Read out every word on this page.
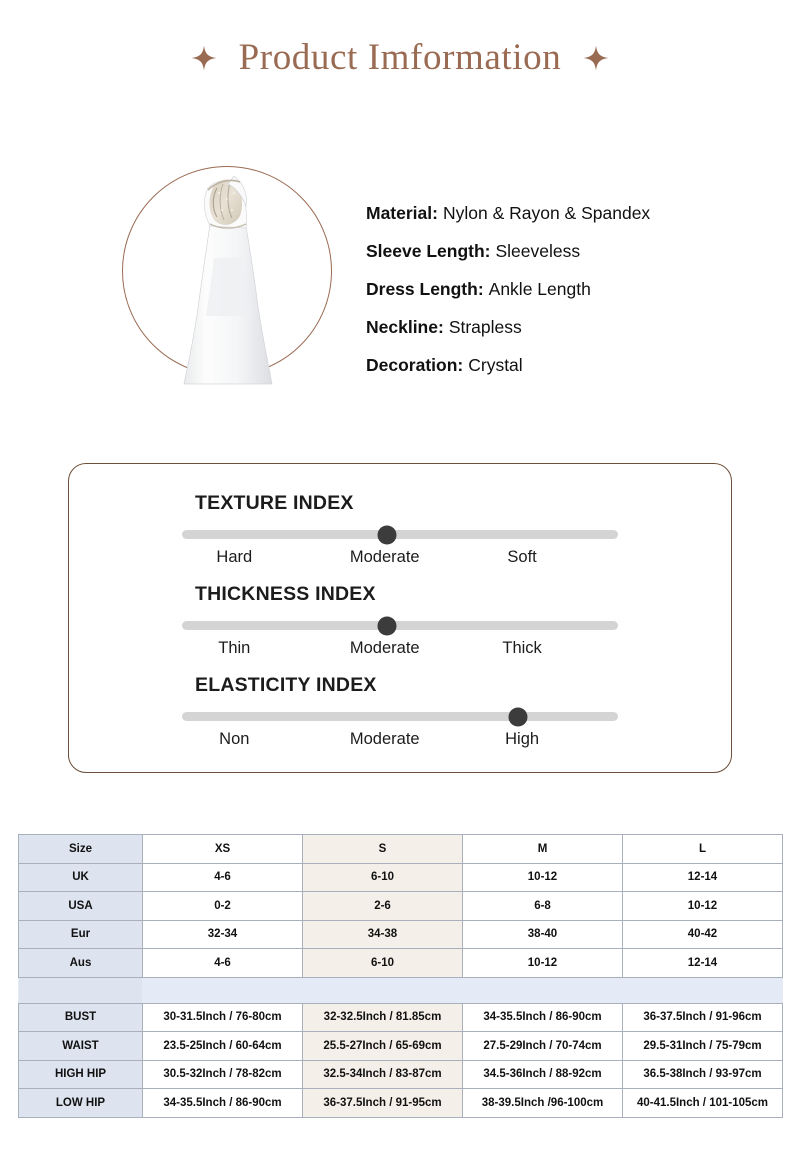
Product Imformation
Material: Nylon & Rayon & Spandex
Sleeve Length: Sleeveless
Dress Length: Ankle Length
Neckline: Strapless
Decoration: Crystal
TEXTURE INDEX
Hard	Moderate	Soft
THICKNESS INDEX
Thin	Moderate	Thick
ELASTICITY INDEX
Non	Moderate	High
Size	XS	S	M	L
UK	4-6	6-10	10-12	12-14
USA	0-2	2-6	6-8	10-12
Eur	32-34	34-38	38-40	40-42
Aus	4-6	6-10	10-12	12-14

BUST	30-31.5Inch / 76-80cm	32-32.5Inch / 81.85cm	34-35.5Inch / 86-90cm	36-37.5Inch / 91-96cm
WAIST	23.5-25Inch / 60-64cm	25.5-27Inch / 65-69cm	27.5-29Inch / 70-74cm	29.5-31Inch / 75-79cm
HIGH HIP	30.5-32Inch / 78-82cm	32.5-34Inch / 83-87cm	34.5-36Inch / 88-92cm	36.5-38Inch / 93-97cm
LOW HIP	34-35.5Inch / 86-90cm	36-37.5Inch / 91-95cm	38-39.5Inch /96-100cm	40-41.5Inch / 101-105cm
